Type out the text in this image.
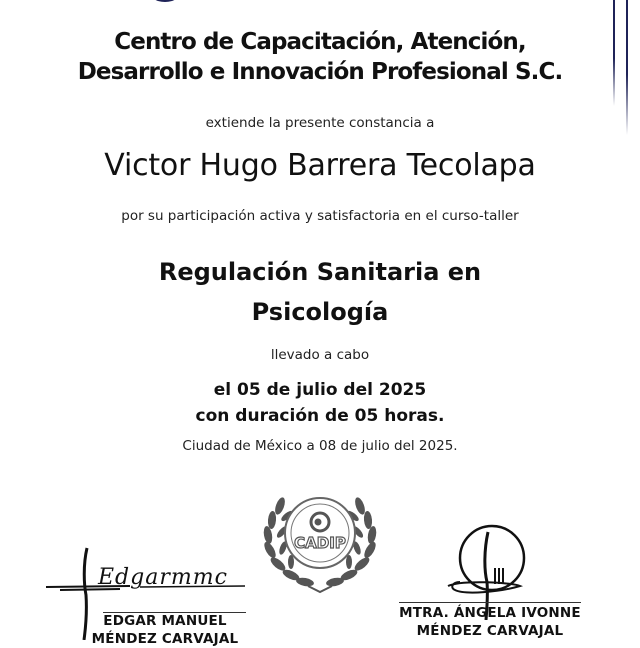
Centro de Capacitación, Atención,
Desarrollo e Innovación Profesional S.C.
extiende la presente constancia a
Victor Hugo Barrera Tecolapa
por su participación activa y satisfactoria en el curso-taller
Regulación Sanitaria en
Psicología
llevado a cabo
el 05 de julio del 2025
con duración de 05 horas.
Ciudad de México a 08 de julio del 2025.
CADIP
Edgarmmc
EDGAR MANUEL
MÉNDEZ CARVAJAL
MTRA. ÁNGELA IVONNE
MÉNDEZ CARVAJAL
